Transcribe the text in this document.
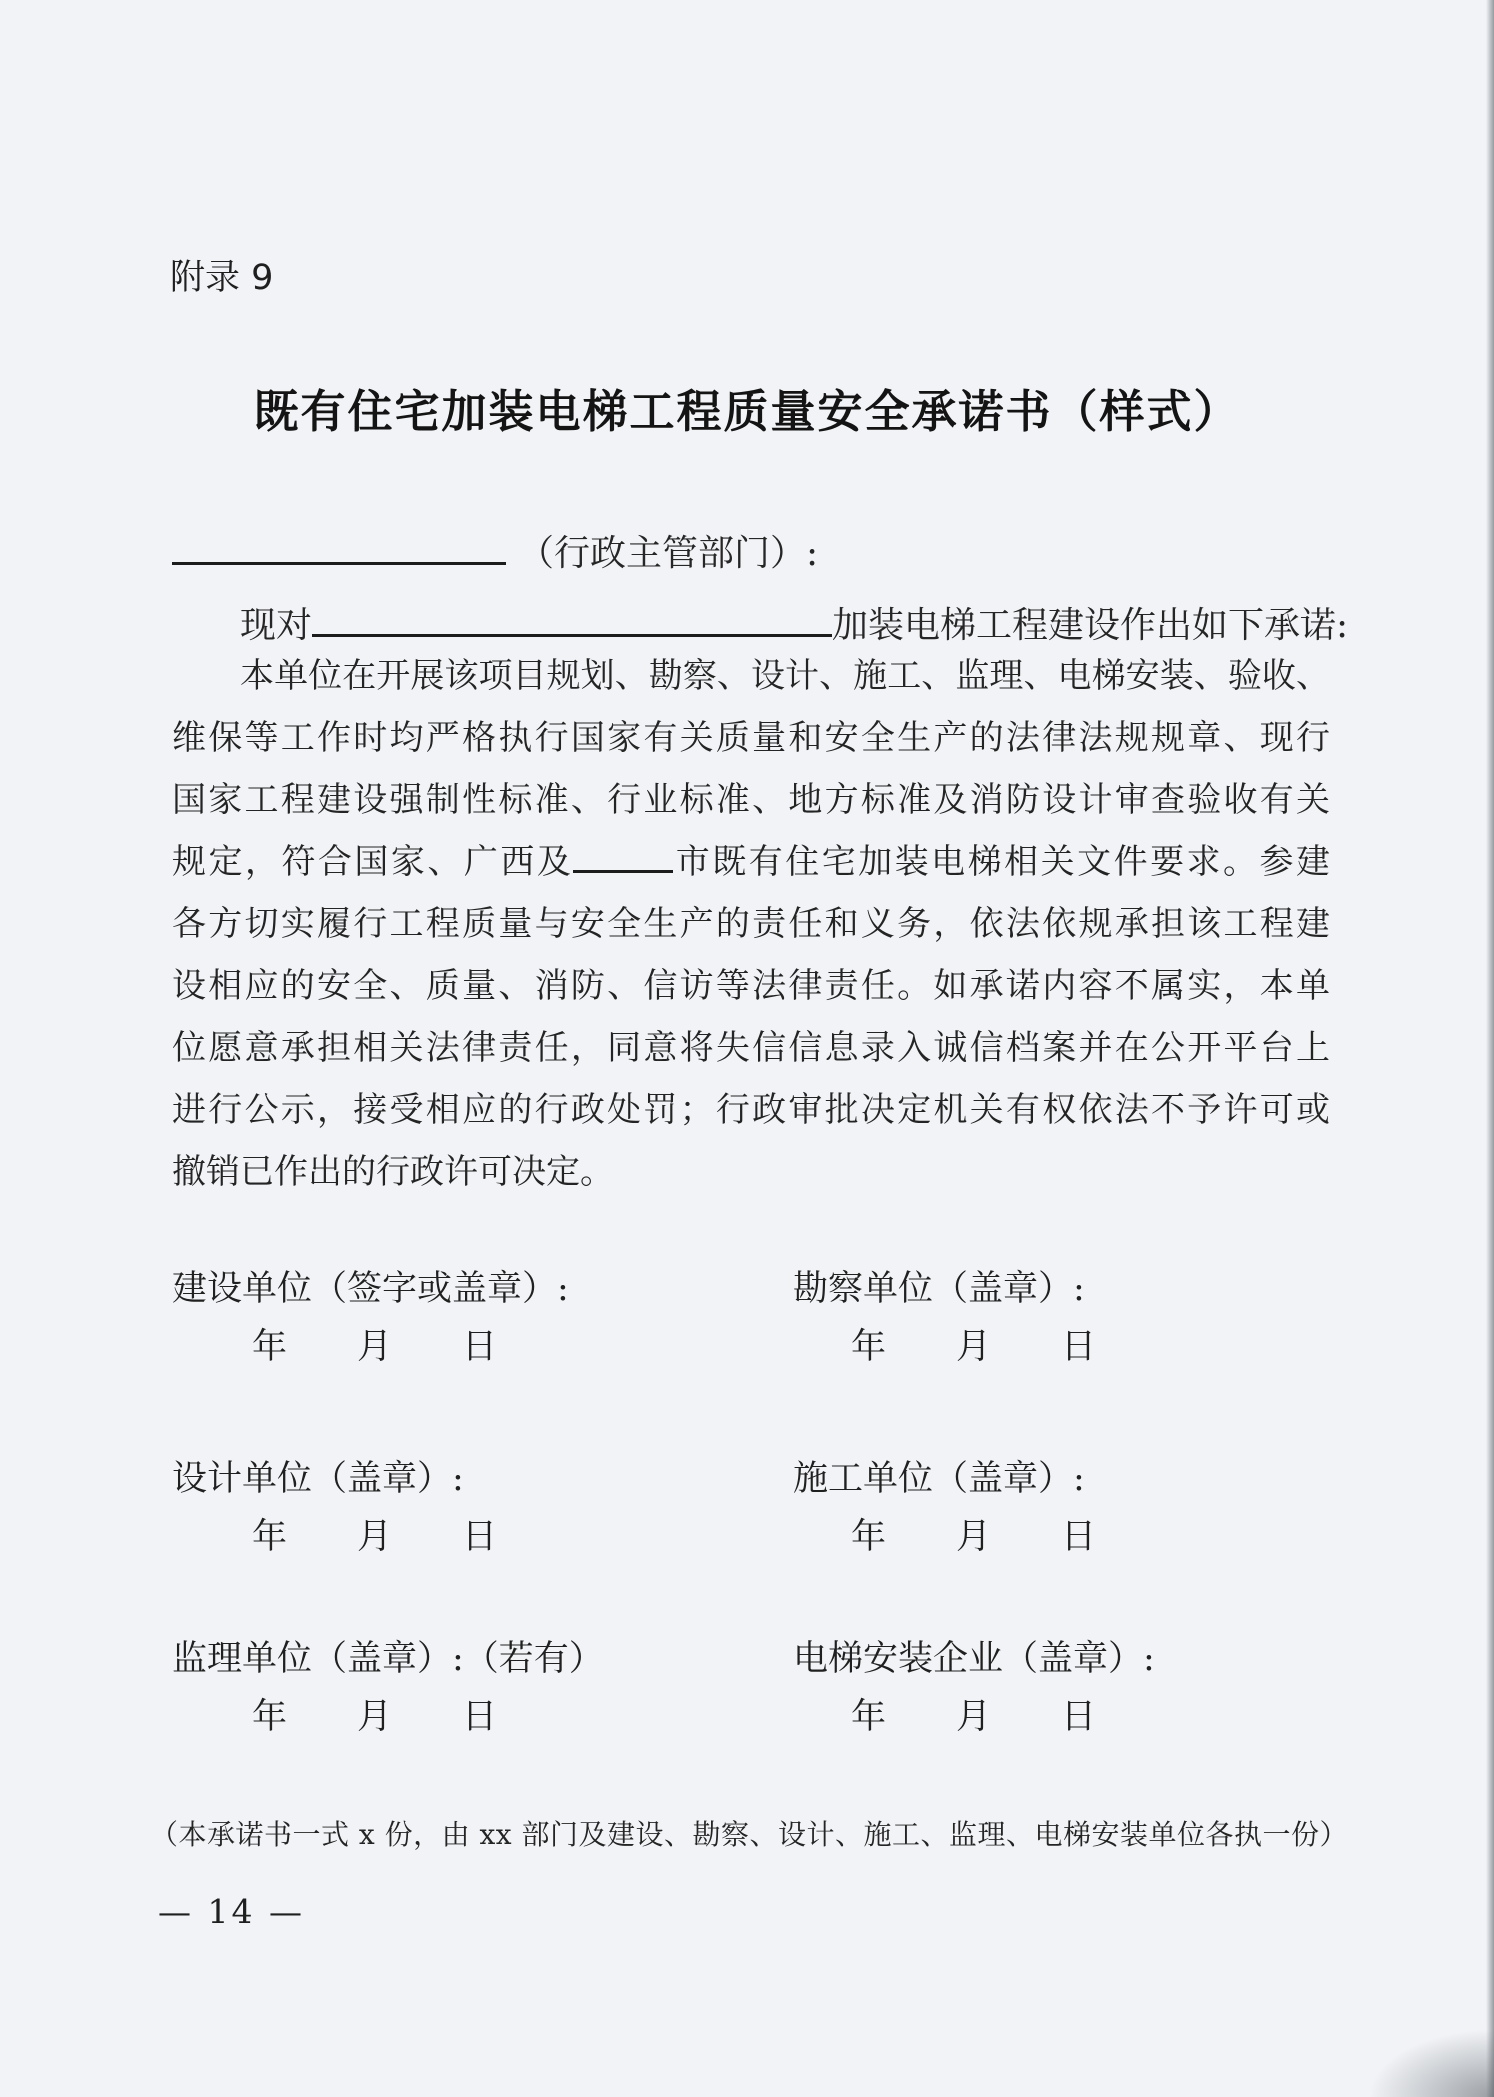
附录 9
既有住宅加装电梯工程质量安全承诺书（样式）
（行政主管部门）:
现对	加装电梯工程建设作出如下承诺:
本单位在开展该项目规划、勘察、设计、施工、监理、电梯安装、验收、
维保等工作时均严格执行国家有关质量和安全生产的法律法规规章、现行
国家工程建设强制性标准、行业标准、地方标准及消防设计审查验收有关
规定，符合国家、广西及	市既有住宅加装电梯相关文件要求。参建
各方切实履行工程质量与安全生产的责任和义务，依法依规承担该工程建
设相应的安全、质量、消防、信访等法律责任。如承诺内容不属实，本单
位愿意承担相关法律责任，同意将失信信息录入诚信档案并在公开平台上
进行公示，接受相应的行政处罚；行政审批决定机关有权依法不予许可或
撤销已作出的行政许可决定。
建设单位（签字或盖章）:
年　　月　　日
勘察单位（盖章）:
年　　月　　日
设计单位（盖章）:
年　　月　　日
施工单位（盖章）:
年　　月　　日
监理单位（盖章）:（若有）
年　　月　　日
电梯安装企业（盖章）:
年　　月　　日
（本承诺书一式 x 份，由 xx 部门及建设、勘察、设计、施工、监理、电梯安装单位各执一份）
— 14 —
